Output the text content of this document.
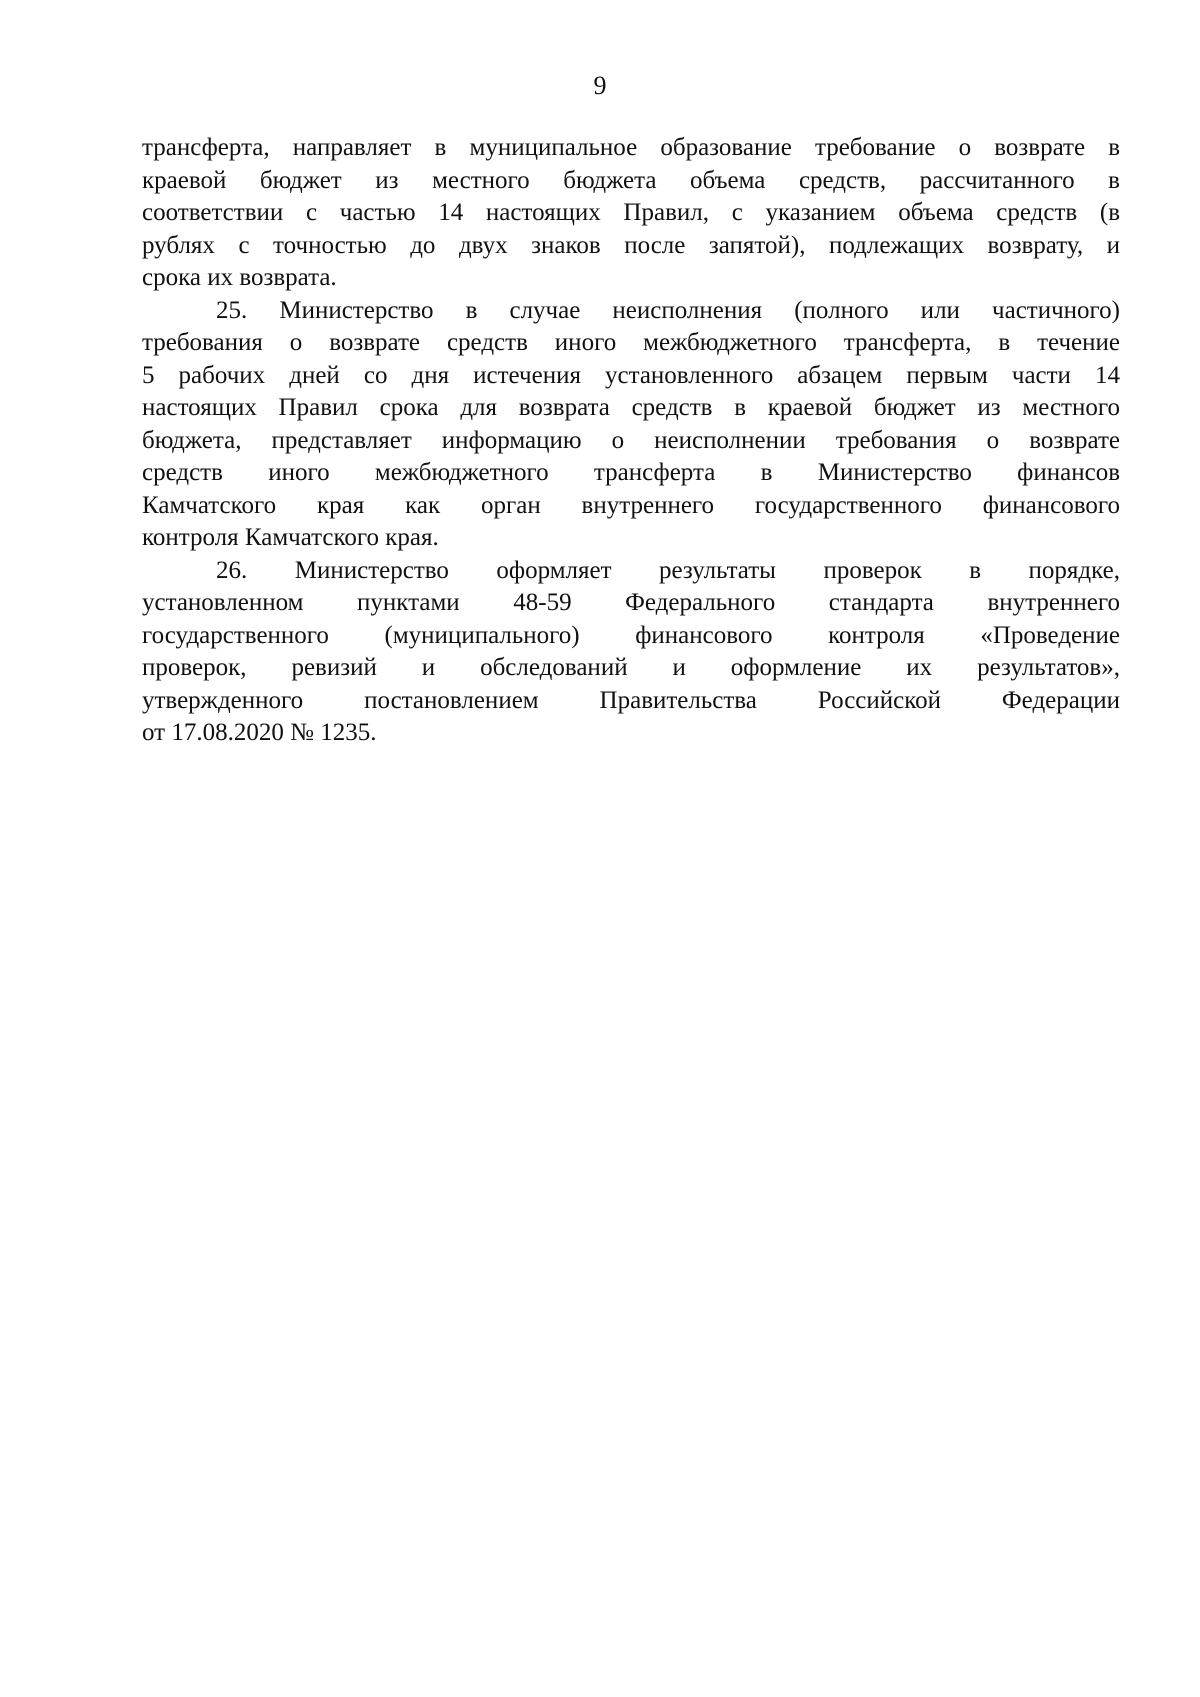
9
трансферта, направляет в муниципальное образование требование о возврате в
краевой бюджет из местного бюджета объема средств, рассчитанного в
соответствии с частью 14 настоящих Правил, с указанием объема средств (в
рублях с точностью до двух знаков после запятой), подлежащих возврату, и
срока их возврата.
25. Министерство в случае неисполнения (полного или частичного)
требования о возврате средств иного межбюджетного трансферта, в течение
5 рабочих дней со дня истечения установленного абзацем первым части 14
настоящих Правил срока для возврата средств в краевой бюджет из местного
бюджета, представляет информацию о неисполнении требования о возврате
средств иного межбюджетного трансферта в Министерство финансов
Камчатского края как орган внутреннего государственного финансового
контроля Камчатского края.
26. Министерство оформляет результаты проверок в порядке,
установленном пунктами 48-59 Федерального стандарта внутреннего
государственного (муниципального) финансового контроля «Проведение
проверок, ревизий и обследований и оформление их результатов»,
утвержденного постановлением Правительства Российской Федерации
от 17.08.2020 № 1235.
